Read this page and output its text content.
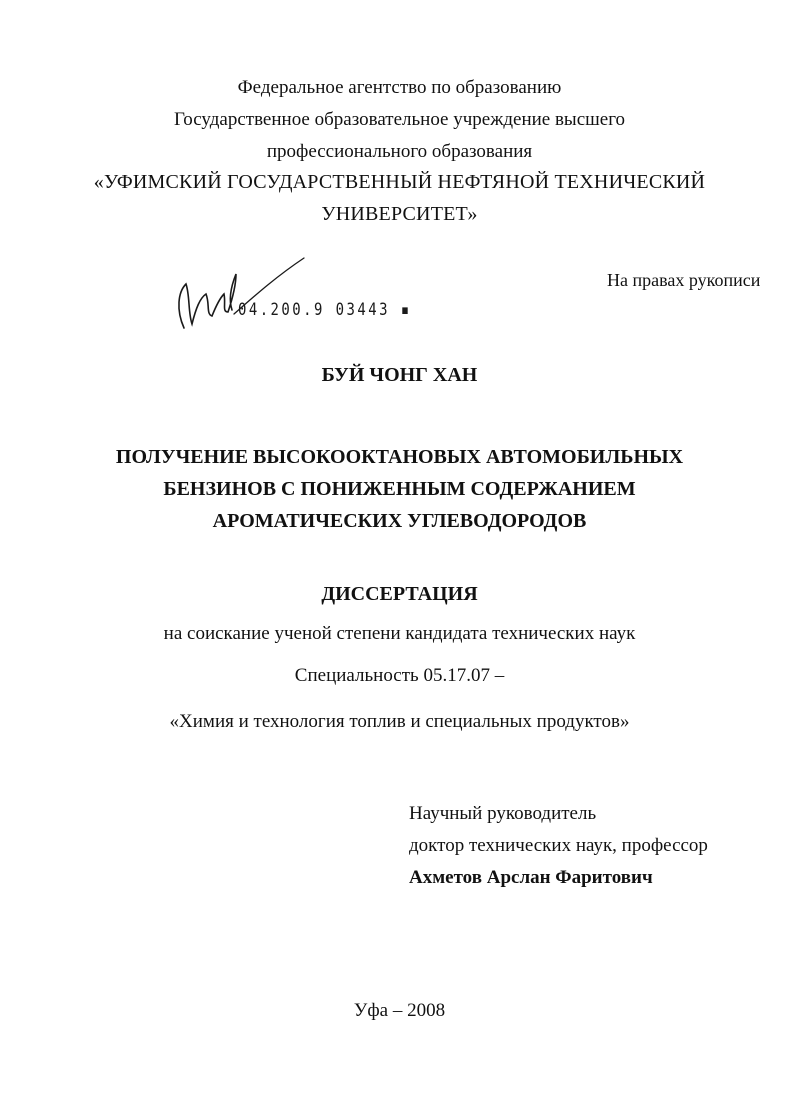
Федеральное агентство по образованию
Государственное образовательное учреждение высшего
профессионального образования
«УФИМСКИЙ ГОСУДАРСТВЕННЫЙ НЕФТЯНОЙ ТЕХНИЧЕСКИЙ
УНИВЕРСИТЕТ»
04.200.9 03443 ▪
На правах рукописи
БУЙ ЧОНГ ХАН
ПОЛУЧЕНИЕ ВЫСОКООКТАНОВЫХ АВТОМОБИЛЬНЫХ
БЕНЗИНОВ С ПОНИЖЕННЫМ СОДЕРЖАНИЕМ
АРОМАТИЧЕСКИХ УГЛЕВОДОРОДОВ
ДИССЕРТАЦИЯ
на соискание ученой степени кандидата технических наук
Специальность 05.17.07 –
«Химия и технология топлив и специальных продуктов»
Научный руководитель
доктор технических наук, профессор
Ахметов Арслан Фаритович
Уфа – 2008
